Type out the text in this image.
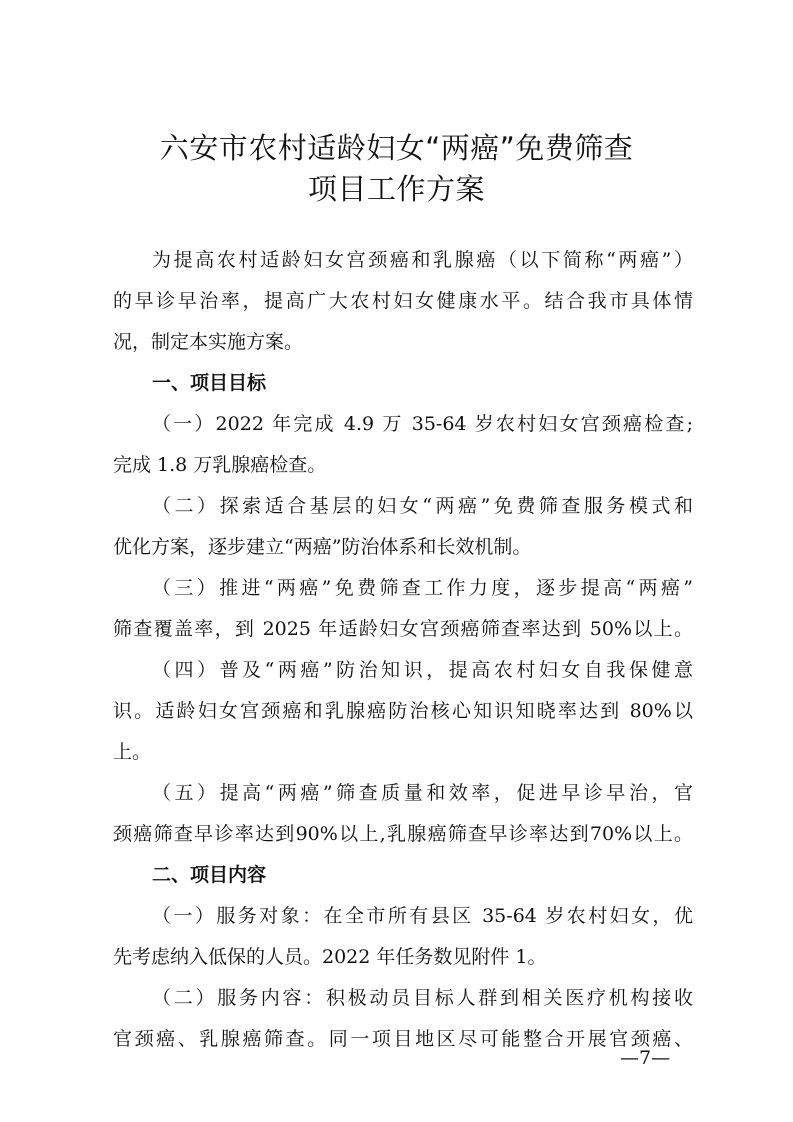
六安市农村适龄妇女“两癌”免费筛查
项目工作方案
为提高农村适龄妇女宫颈癌和乳腺癌（以下简称“两癌”）
的早诊早治率，提高广大农村妇女健康水平。结合我市具体情
况，制定本实施方案。
一、项目目标
（一）2022 年完成 4.9 万 35-64 岁农村妇女宫颈癌检查;
完成 1.8 万乳腺癌检查。
（二）探索适合基层的妇女“两癌”免费筛查服务模式和
优化方案，逐步建立“两癌”防治体系和长效机制。
（三）推进“两癌”免费筛查工作力度，逐步提高“两癌”
筛查覆盖率，到 2025 年适龄妇女宫颈癌筛查率达到 50%以上。
（四）普及“两癌”防治知识，提高农村妇女自我保健意
识。适龄妇女宫颈癌和乳腺癌防治核心知识知晓率达到 80%以
上。
（五）提高“两癌”筛查质量和效率，促进早诊早治，官
颈癌筛查早诊率达到90%以上,乳腺癌筛查早诊率达到70%以上。
二、项目内容
（一）服务对象：在全市所有县区 35-64 岁农村妇女，优
先考虑纳入低保的人员。2022 年任务数见附件 1。
（二）服务内容：积极动员目标人群到相关医疗机构接收
官颈癌、乳腺癌筛查。同一项目地区尽可能整合开展官颈癌、
—7—
